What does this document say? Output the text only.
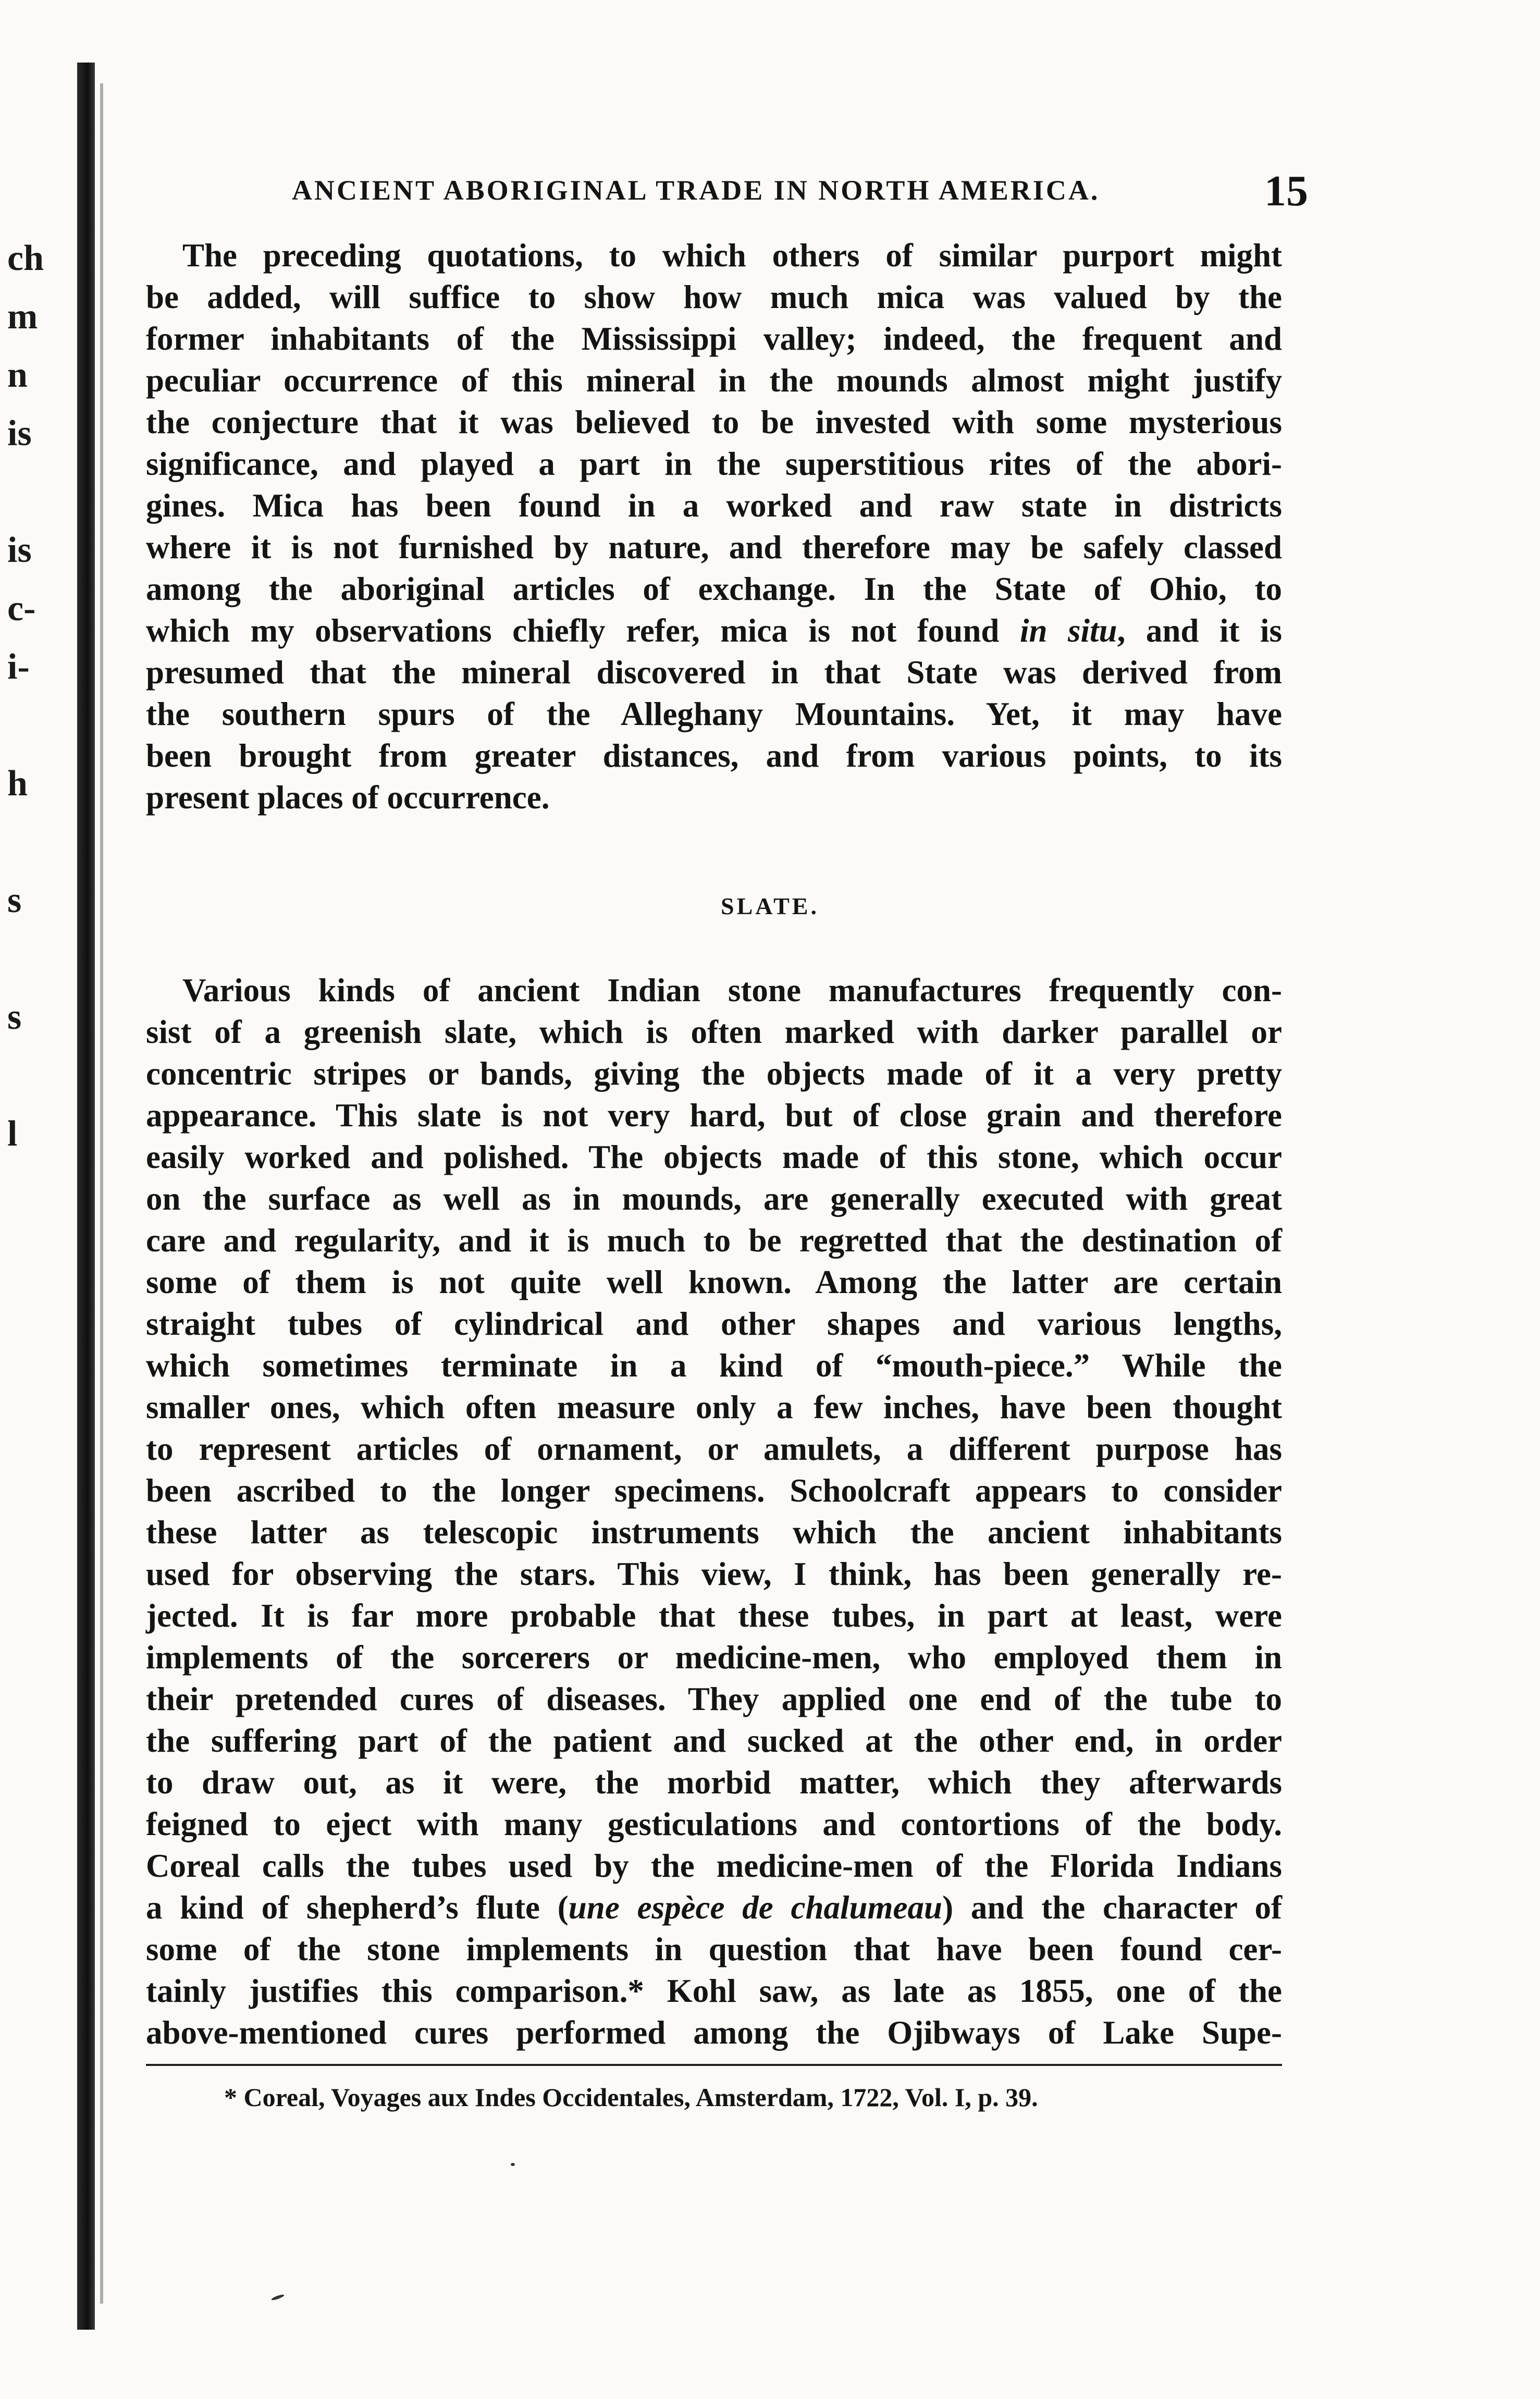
ch
m
n
is
is
c-
i-
h
s
s
l
ANCIENT ABORIGINAL TRADE IN NORTH AMERICA.	15
The preceding quotations, to which others of similar purport might
be added, will suffice to show how much mica was valued by the
former inhabitants of the Mississippi valley; indeed, the frequent and
peculiar occurrence of this mineral in the mounds almost might justify
the conjecture that it was believed to be invested with some mysterious
significance, and played a part in the superstitious rites of the abori-
gines. Mica has been found in a worked and raw state in districts
where it is not furnished by nature, and therefore may be safely classed
among the aboriginal articles of exchange. In the State of Ohio, to
which my observations chiefly refer, mica is not found in situ, and it is
presumed that the mineral discovered in that State was derived from
the southern spurs of the Alleghany Mountains. Yet, it may have
been brought from greater distances, and from various points, to its
present places of occurrence.
SLATE.
Various kinds of ancient Indian stone manufactures frequently con-
sist of a greenish slate, which is often marked with darker parallel or
concentric stripes or bands, giving the objects made of it a very pretty
appearance. This slate is not very hard, but of close grain and therefore
easily worked and polished. The objects made of this stone, which occur
on the surface as well as in mounds, are generally executed with great
care and regularity, and it is much to be regretted that the destination of
some of them is not quite well known. Among the latter are certain
straight tubes of cylindrical and other shapes and various lengths,
which sometimes terminate in a kind of “mouth-piece.” While the
smaller ones, which often measure only a few inches, have been thought
to represent articles of ornament, or amulets, a different purpose has
been ascribed to the longer specimens. Schoolcraft appears to consider
these latter as telescopic instruments which the ancient inhabitants
used for observing the stars. This view, I think, has been generally re-
jected. It is far more probable that these tubes, in part at least, were
implements of the sorcerers or medicine-men, who employed them in
their pretended cures of diseases. They applied one end of the tube to
the suffering part of the patient and sucked at the other end, in order
to draw out, as it were, the morbid matter, which they afterwards
feigned to eject with many gesticulations and contortions of the body.
Coreal calls the tubes used by the medicine-men of the Florida Indians
a kind of shepherd’s flute (une espèce de chalumeau) and the character of
some of the stone implements in question that have been found cer-
tainly justifies this comparison.* Kohl saw, as late as 1855, one of the
above-mentioned cures performed among the Ojibways of Lake Supe-
* Coreal, Voyages aux Indes Occidentales, Amsterdam, 1722, Vol. I, p. 39.
